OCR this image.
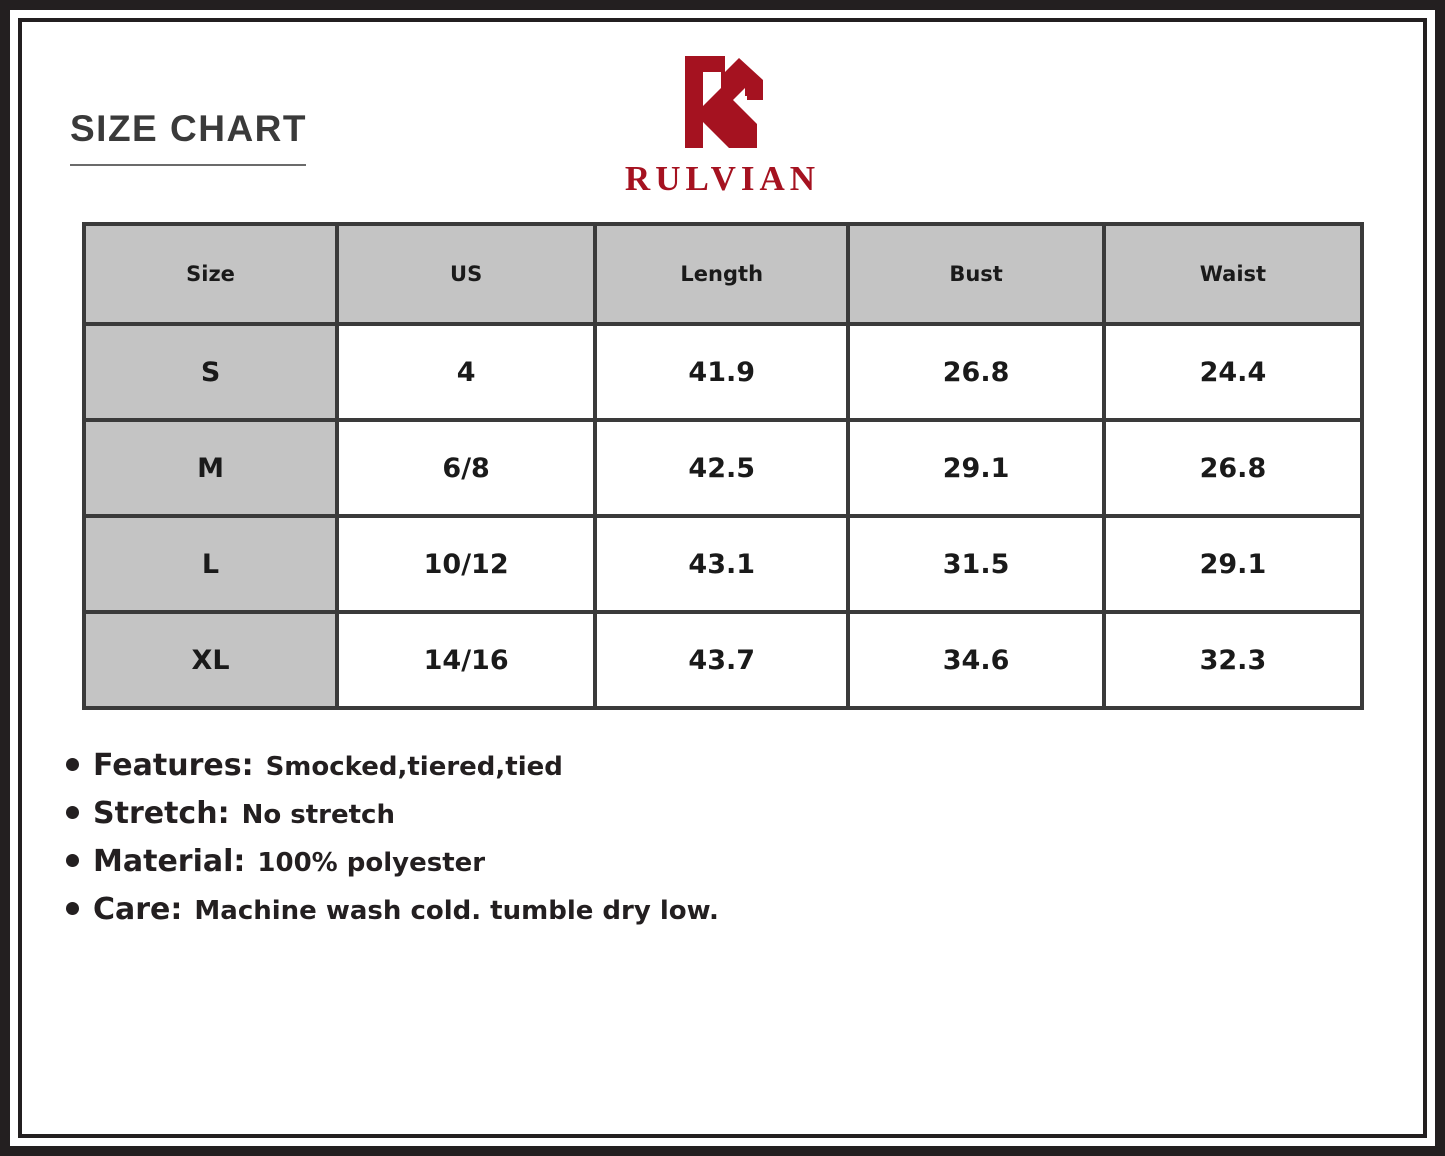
SIZE CHART
RULVIAN
Size	US	Length	Bust	Waist
S	4	41.9	26.8	24.4
M	6/8	42.5	29.1	26.8
L	10/12	43.1	31.5	29.1
XL	14/16	43.7	34.6	32.3
Features: Smocked,tiered,tied
Stretch: No stretch
Material: 100% polyester
Care: Machine wash cold. tumble dry low.
